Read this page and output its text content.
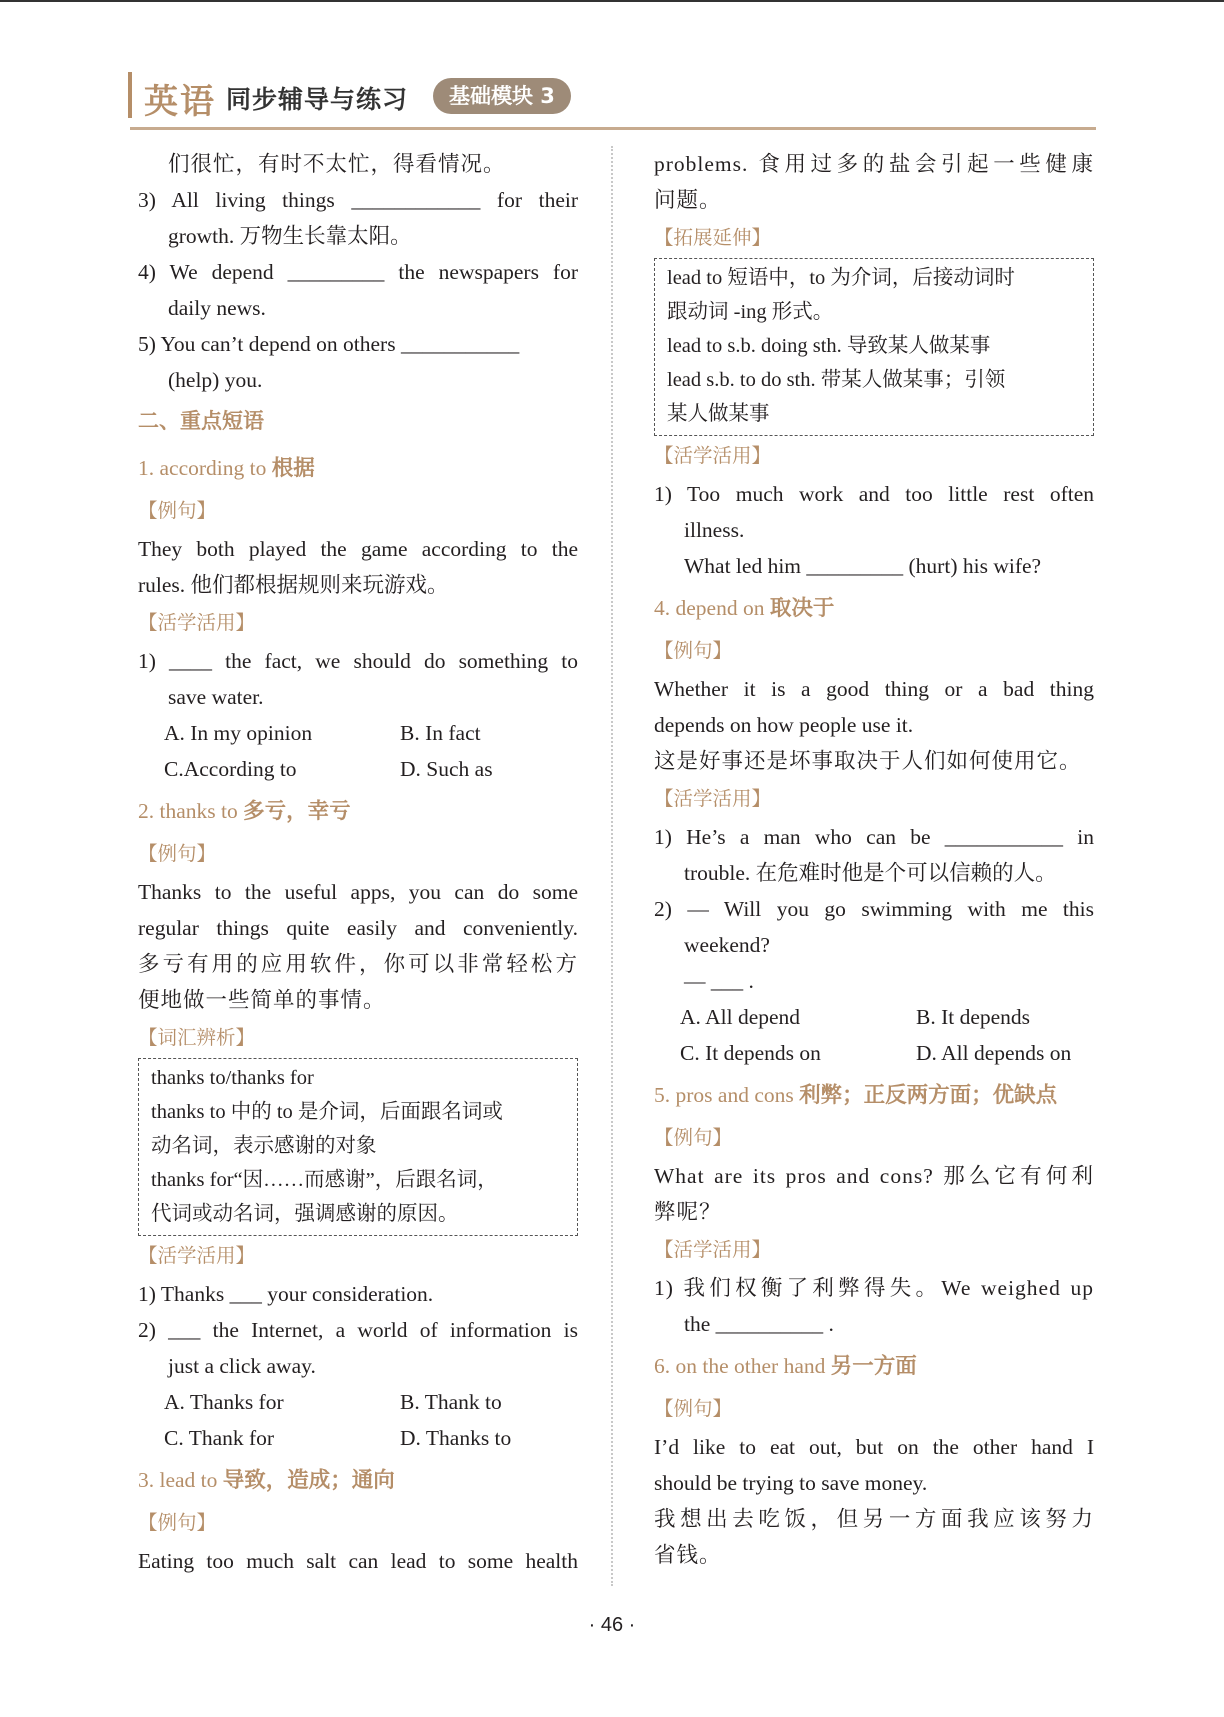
英语 同步辅导与练习	基础模块 3

们很忙，有时不太忙，得看情况。

3) All living things ____________ for their

growth. 万物生长靠太阳。

4) We depend _________ the newspapers for

daily news.

5) You can’t depend on others ___________

(help) you.

二、重点短语

1. according to 根据

【例句】

They both played the game according to the

rules. 他们都根据规则来玩游戏。

【活学活用】

1) ____ the fact, we should do something to

save water.

A. In my opinion	B. In fact
C.According to	D. Such as

2. thanks to 多亏，幸亏

【例句】

Thanks to the useful apps, you can do some

regular things quite easily and conveniently.

多亏有用的应用软件，你可以非常轻松方

便地做一些简单的事情。

【词汇辨析】

thanks to/thanks for

thanks to 中的 to 是介词，后面跟名词或

动名词，表示感谢的对象

thanks for“因……而感谢”，后跟名词，

代词或动名词，强调感谢的原因。

【活学活用】

1) Thanks ___ your consideration.

2) ___ the Internet, a world of information is

just a click away.

A. Thanks for	B. Thank to
C. Thank for	D. Thanks to

3. lead to 导致，造成；通向

【例句】

Eating too much salt can lead to some health

problems. 食用过多的盐会引起一些健康

问题。

【拓展延伸】

lead to 短语中，to 为介词，后接动词时

跟动词 -ing 形式。

lead to s.b. doing sth. 导致某人做某事

lead s.b. to do sth. 带某人做某事；引领

某人做某事

【活学活用】

1) Too much work and too little rest often

illness.

What led him _________ (hurt) his wife?

4. depend on 取决于

【例句】

Whether it is a good thing or a bad thing

depends on how people use it.

这是好事还是坏事取决于人们如何使用它。

【活学活用】

1) He’s a man who can be ___________ in

trouble. 在危难时他是个可以信赖的人。

2) — Will you go swimming with me this

weekend?

— ___ .

A. All depend	B. It depends
C. It depends on	D. All depends on

5. pros and cons 利弊；正反两方面；优缺点

【例句】

What are its pros and cons? 那么它有何利

弊呢？

【活学活用】

1) 我们权衡了利弊得失。We weighed up

the __________ .

6. on the other hand 另一方面

【例句】

I’d like to eat out, but on the other hand I

should be trying to save money.

我想出去吃饭，但另一方面我应该努力

省钱。

· 46 ·
